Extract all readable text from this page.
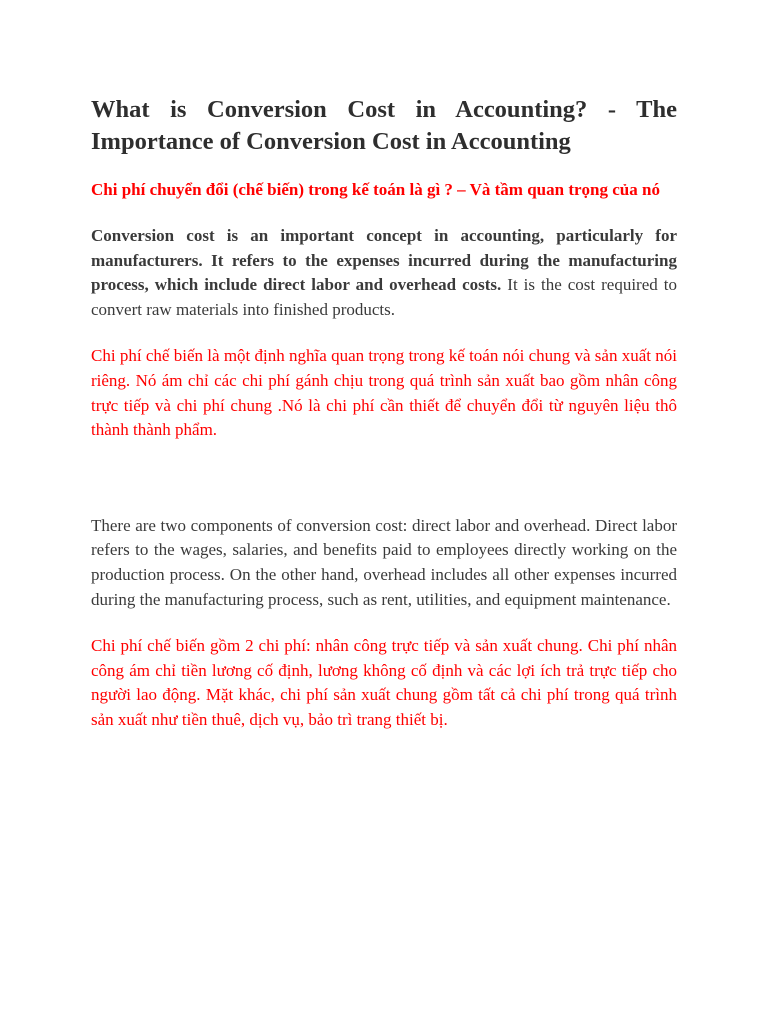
What is Conversion Cost in Accounting? - The Importance of Conversion Cost in Accounting

Chi phí chuyển đổi (chế biến) trong kế toán là gì ? – Và tầm quan trọng của nó

Conversion cost is an important concept in accounting, particularly for manufacturers. It refers to the expenses incurred during the manufacturing process, which include direct labor and overhead costs. It is the cost required to convert raw materials into finished products.

Chi phí chế biến là một định nghĩa quan trọng trong kế toán nói chung và sản xuất nói riêng. Nó ám chỉ các chi phí gánh chịu trong quá trình sản xuất bao gồm nhân công trực tiếp và chi phí chung .Nó là chi phí cần thiết để chuyển đổi từ nguyên liệu thô thành thành phẩm.

There are two components of conversion cost: direct labor and overhead. Direct labor refers to the wages, salaries, and benefits paid to employees directly working on the production process. On the other hand, overhead includes all other expenses incurred during the manufacturing process, such as rent, utilities, and equipment maintenance.

Chi phí chế biến gồm 2 chi phí: nhân công trực tiếp và sản xuất chung. Chi phí nhân công ám chỉ tiền lương cố định, lương không cố định và các lợi ích trả trực tiếp cho người lao động. Mặt khác, chi phí sản xuất chung gồm tất cả chi phí trong quá trình sản xuất như tiền thuê, dịch vụ, bảo trì trang thiết bị.
